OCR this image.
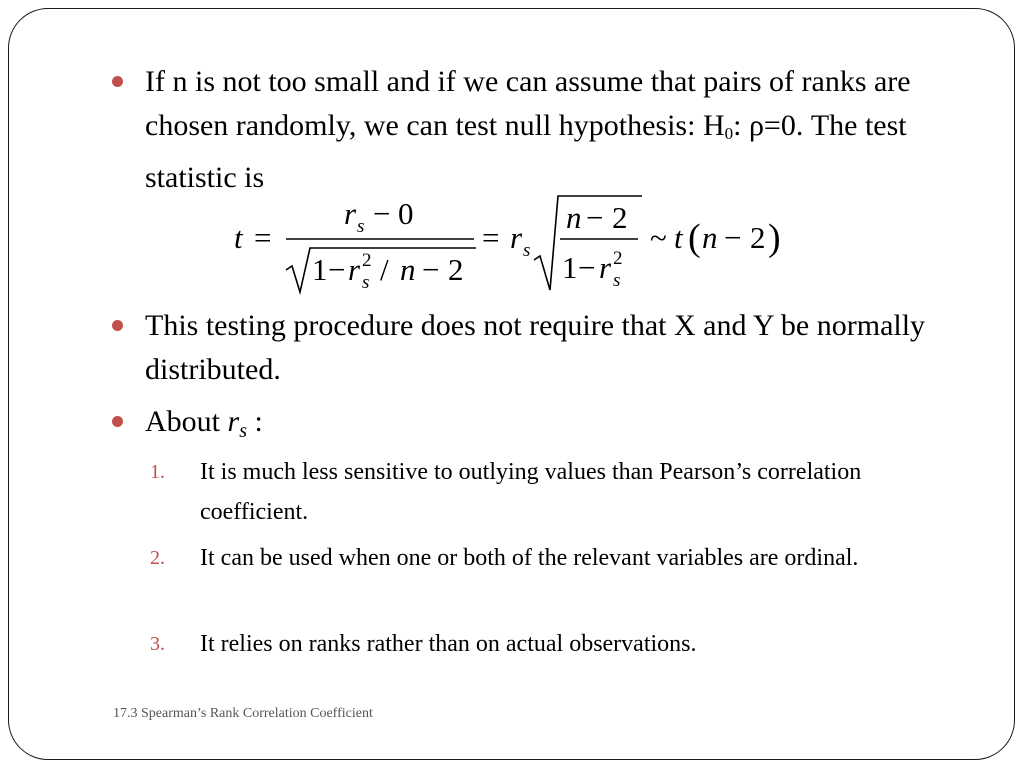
If n is not too small and if we can assume that pairs of ranks are chosen randomly, we can test null hypothesis: H0: ρ=0. The test statistic is
t =
r s − 0
1 − r 2
s / n − 2
= r s
n − 2
1 − r 2
s
~ t ( n − 2 )
This testing procedure does not require that X and Y be normally distributed.
About $r_s$ :
1. It is much less sensitive to outlying values than Pearson’s correlation coefficient.
2. It can be used when one or both of the relevant variables are ordinal.
3. It relies on ranks rather than on actual observations.
17.3 Spearman’s Rank Correlation Coefficient
